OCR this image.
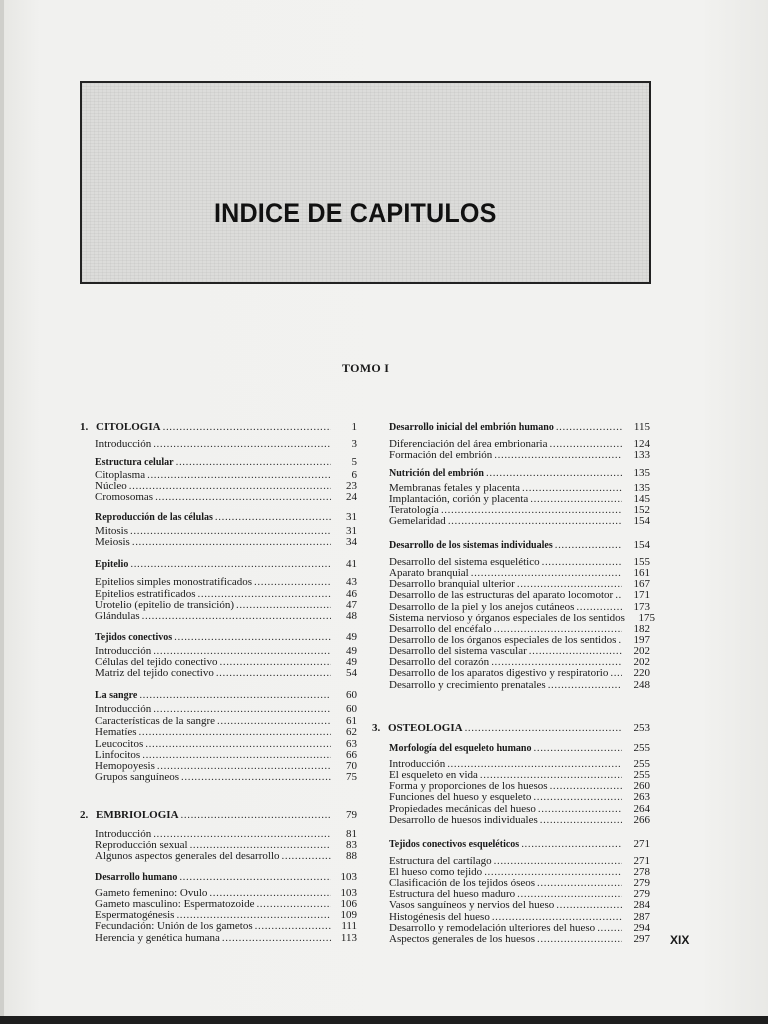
INDICE DE CAPITULOS
TOMO I
1. CITOLOGIA .....	1
Introducción .....	3
Estructura celular .....	5
Citoplasma .....	6
Núcleo .....	23
Cromosomas .....	24
Reproducción de las células .....	31
Mitosis .....	31
Meiosis .....	34
Epitelio .....	41
Epitelios simples monostratificados .....	43
Epitelios estratificados .....	46
Urotelio (epitelio de transición) .....	47
Glándulas .....	48
Tejidos conectivos .....	49
Introducción .....	49
Células del tejido conectivo .....	49
Matriz del tejido conectivo .....	54
La sangre .....	60
Introducción .....	60
Características de la sangre .....	61
Hematíes .....	62
Leucocitos .....	63
Linfocitos .....	66
Hemopoyesis .....	70
Grupos sanguíneos .....	75
2. EMBRIOLOGIA .....	79
Introducción .....	81
Reproducción sexual .....	83
Algunos aspectos generales del desarrollo .....	88
Desarrollo humano .....	103
Gameto femenino: Ovulo .....	103
Gameto masculino: Espermatozoide .....	106
Espermatogénesis .....	109
Fecundación: Unión de los gametos .....	111
Herencia y genética humana .....	113
Desarrollo inicial del embrión humano .....	115
Diferenciación del área embrionaria .....	124
Formación del embrión .....	133
Nutrición del embrión .....	135
Membranas fetales y placenta .....	135
Implantación, corión y placenta .....	145
Teratología .....	152
Gemelaridad .....	154
Desarrollo de los sistemas individuales .....	154
Desarrollo del sistema esquelético .....	155
Aparato branquial .....	161
Desarrollo branquial ulterior .....	167
Desarrollo de las estructuras del aparato locomotor .....	171
Desarrollo de la piel y los anejos cutáneos .....	173
Sistema nervioso y órganos especiales de los sentidos	175
Desarrollo del encéfalo .....	182
Desarrollo de los órganos especiales de los sentidos .....	197
Desarrollo del sistema vascular .....	202
Desarrollo del corazón .....	202
Desarrollo de los aparatos digestivo y respiratorio .....	220
Desarrollo y crecimiento prenatales .....	248
3. OSTEOLOGIA .....	253
Morfología del esqueleto humano .....	255
Introducción .....	255
El esqueleto en vida .....	255
Forma y proporciones de los huesos .....	260
Funciones del hueso y esqueleto .....	263
Propiedades mecánicas del hueso .....	264
Desarrollo de huesos individuales .....	266
Tejidos conectivos esqueléticos .....	271
Estructura del cartílago .....	271
El hueso como tejido .....	278
Clasificación de los tejidos óseos .....	279
Estructura del hueso maduro .....	279
Vasos sanguíneos y nervios del hueso .....	284
Histogénesis del hueso .....	287
Desarrollo y remodelación ulteriores del hueso .....	294
Aspectos generales de los huesos .....	297 XIX
